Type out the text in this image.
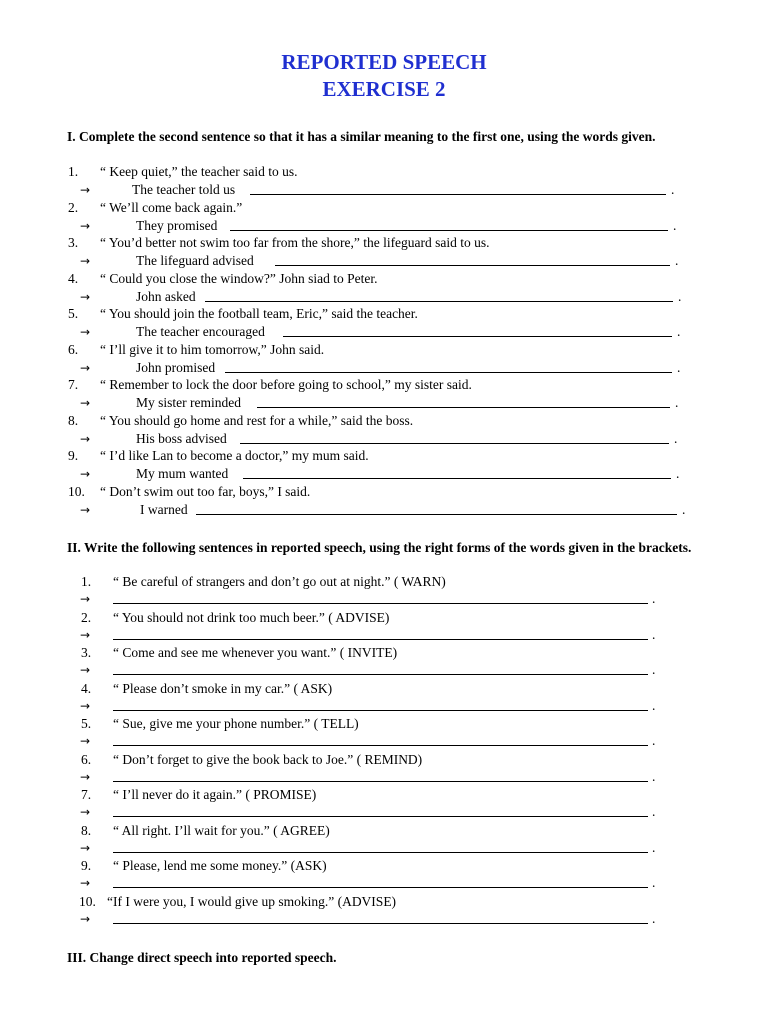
REPORTED SPEECH
EXERCISE 2

I. Complete the second sentence so that it has a similar meaning to the first one, using the words given.

1. “ Keep quiet,” the teacher said to us.
→	The teacher told us	.
2. “ We’ll come back again.”
→	They promised	.
3. “ You’d better not swim too far from the shore,” the lifeguard said to us.
→	The lifeguard advised	.
4. “ Could you close the window?” John siad to Peter.
→	John asked	.
5. “ You should join the football team, Eric,” said the teacher.
→	The teacher encouraged	.
6. “ I’ll give it to him tomorrow,” John said.
→	John promised	.
7. “ Remember to lock the door before going to school,” my sister said.
→	My sister reminded	.
8. “ You should go home and rest for a while,” said the boss.
→	His boss advised	.
9. “ I’d like Lan to become a doctor,” my mum said.
→	My mum wanted	.
10. “ Don’t swim out too far, boys,” I said.
→	I warned	.

II. Write the following sentences in reported speech, using the right forms of the words given in the brackets.

1. “ Be careful of strangers and don’t go out at night.” ( WARN)
→	.
2. “ You should not drink too much beer.” ( ADVISE)
→	.
3. “ Come and see me whenever you want.” ( INVITE)
→	.
4. “ Please don’t smoke in my car.” ( ASK)
→	.
5. “ Sue, give me your phone number.” ( TELL)
→	.
6. “ Don’t forget to give the book back to Joe.” ( REMIND)
→	.
7. “ I’ll never do it again.” ( PROMISE)
→	.
8. “ All right. I’ll wait for you.” ( AGREE)
→	.
9. “ Please, lend me some money.” (ASK)
→	.
10. “If I were you, I would give up smoking.” (ADVISE)
→	.

III. Change direct speech into reported speech.
